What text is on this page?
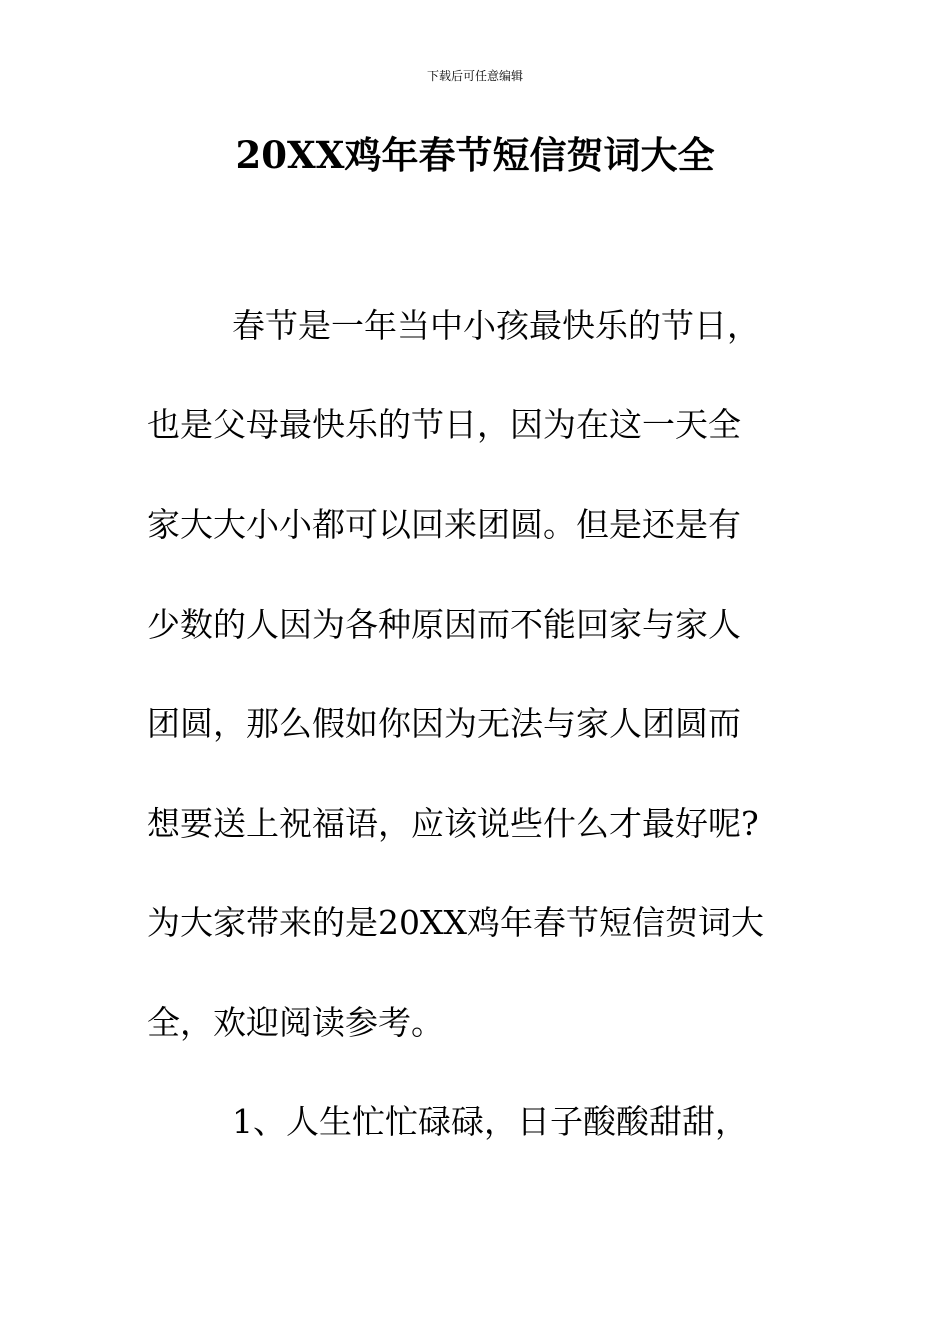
下载后可任意编辑
20XX鸡年春节短信贺词大全
春节是一年当中小孩最快乐的节日，
也是父母最快乐的节日，因为在这一天全
家大大小小都可以回来团圆。但是还是有
少数的人因为各种原因而不能回家与家人
团圆，那么假如你因为无法与家人团圆而
想要送上祝福语，应该说些什么才最好呢?
为大家带来的是20XX鸡年春节短信贺词大
全，欢迎阅读参考。
1、人生忙忙碌碌，日子酸酸甜甜，
